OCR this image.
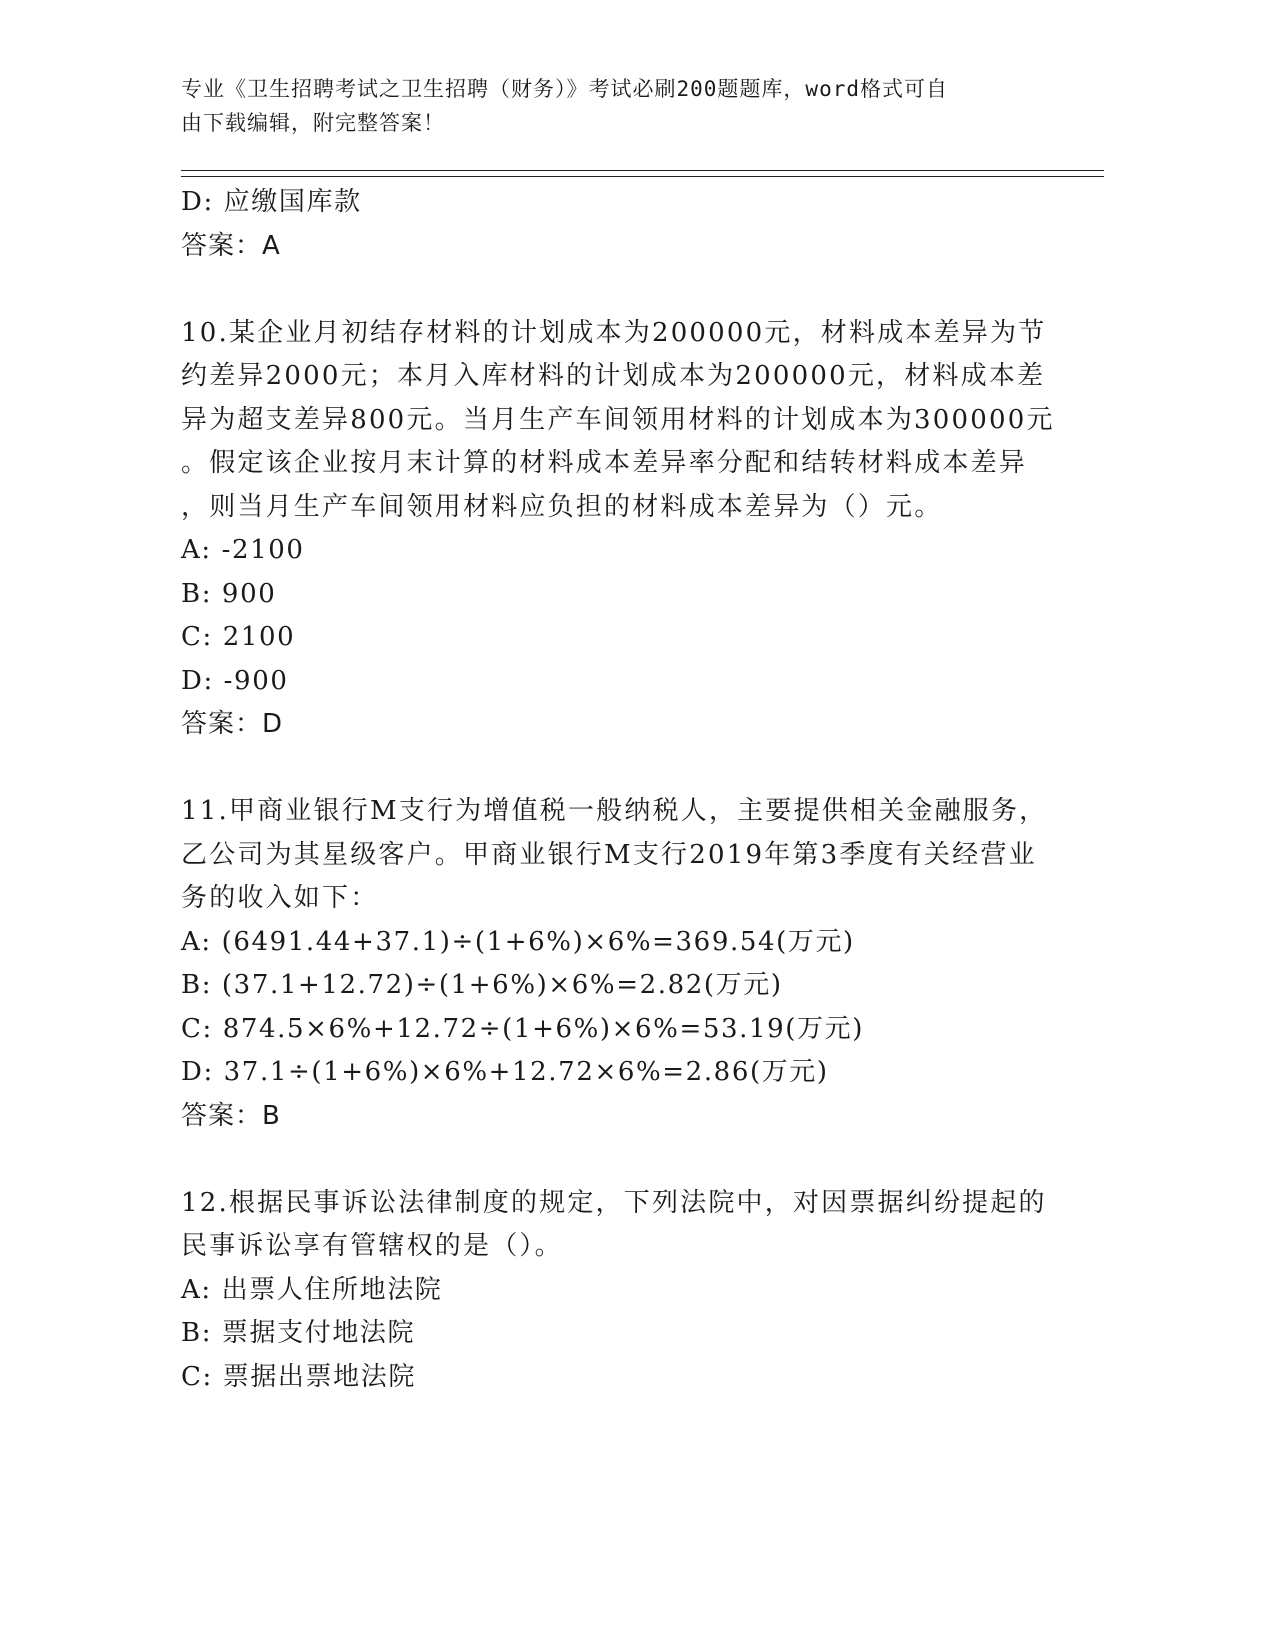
专业《卫生招聘考试之卫生招聘（财务）》考试必刷200题题库，word格式可自
由下载编辑，附完整答案！
D: 应缴国库款
答案：A
10.某企业月初结存材料的计划成本为200000元，材料成本差异为节
约差异2000元；本月入库材料的计划成本为200000元，材料成本差
异为超支差异800元。当月生产车间领用材料的计划成本为300000元
。假定该企业按月末计算的材料成本差异率分配和结转材料成本差异
，则当月生产车间领用材料应负担的材料成本差异为（）元。
A: -2100
B: 900
C: 2100
D: -900
答案：D
11.甲商业银行M支行为增值税一般纳税人，主要提供相关金融服务，
乙公司为其星级客户。甲商业银行M支行2019年第3季度有关经营业
务的收入如下：
A: (6491.44+37.1)÷(1+6%)×6%=369.54(万元)
B: (37.1+12.72)÷(1+6%)×6%=2.82(万元)
C: 874.5×6%+12.72÷(1+6%)×6%=53.19(万元)
D: 37.1÷(1+6%)×6%+12.72×6%=2.86(万元)
答案：B
12.根据民事诉讼法律制度的规定，下列法院中，对因票据纠纷提起的
民事诉讼享有管辖权的是（）。
A: 出票人住所地法院
B: 票据支付地法院
C: 票据出票地法院
